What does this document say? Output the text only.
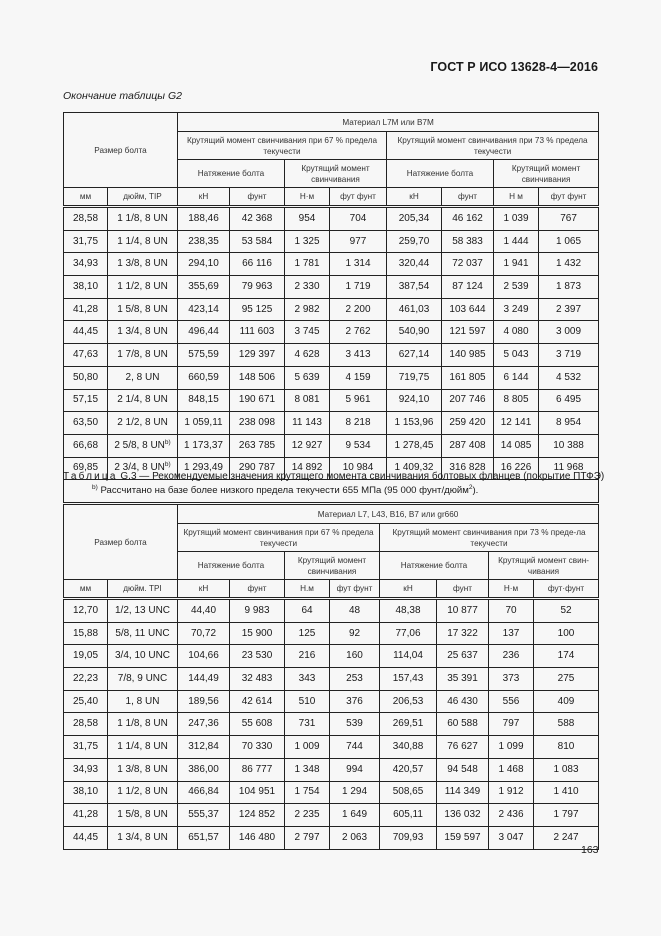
ГОСТ Р ИСО 13628-4—2016
Окончание таблицы G2
Размер болта		Материал L7M или B7M							
		Крутящий момент свинчивания при 67 % предела текучести				Крутящий момент свинчивания при 73 % предела текучести			
		Натяжение болта		Крутящий момент свинчивания		Натяжение болта		Крутящий момент свинчивания	
мм	дюйм, TIP	кН	фунт	Н·м	фут фунт	кН	фунт	Н м	фут фунт
28,58	1 1/8, 8 UN	188,46	42 368	954	704	205,34	46 162	1 039	767
31,75	1 1/4, 8 UN	238,35	53 584	1 325	977	259,70	58 383	1 444	1 065
34,93	1 3/8, 8 UN	294,10	66 116	1 781	1 314	320,44	72 037	1 941	1 432
38,10	1 1/2, 8 UN	355,69	79 963	2 330	1 719	387,54	87 124	2 539	1 873
41,28	1 5/8, 8 UN	423,14	95 125	2 982	2 200	461,03	103 644	3 249	2 397
44,45	1 3/4, 8 UN	496,44	111 603	3 745	2 762	540,90	121 597	4 080	3 009
47,63	1 7/8, 8 UN	575,59	129 397	4 628	3 413	627,14	140 985	5 043	3 719
50,80	2, 8 UN	660,59	148 506	5 639	4 159	719,75	161 805	6 144	4 532
57,15	2 1/4, 8 UN	848,15	190 671	8 081	5 961	924,10	207 746	8 805	6 495
63,50	2 1/2, 8 UN	1 059,11	238 098	11 143	8 218	1 153,96	259 420	12 141	8 954
66,68	2 5/8, 8 UN$^{b)}$	1 173,37	263 785	12 927	9 534	1 278,45	287 408	14 085	10 388
69,85	2 3/4, 8 UN$^{b)}$	1 293,49	290 787	14 892	10 984	1 409,32	316 828	16 226	11 968
$^{b)}$ Рассчитано на базе более низкого предела текучести 655 МПа (95 000 фунт/дюйм$^2$).									
Таблица G.3 — Рекомендуемые значения крутящего момента свинчивания болтовых фланцев (покрытие ПТФЭ)
Размер болта		Материал L7, L43, B16, B7 или gr660							
		Крутящий момент свинчивания при 67 % предела текучести				Крутящий момент свинчивания при 73 % преде-ла текучести			
		Натяжение болта		Крутящий момент свинчивания		Натяжение болта		Крутящий момент свин-чивания	
мм	дюйм. TPI	кН	фунт	Н.м	фут фунт	кН	фунт	Н·м	фут·фунт
12,70	1/2, 13 UNC	44,40	9 983	64	48	48,38	10 877	70	52
15,88	5/8, 11 UNC	70,72	15 900	125	92	77,06	17 322	137	100
19,05	3/4, 10 UNC	104,66	23 530	216	160	114,04	25 637	236	174
22,23	7/8, 9 UNC	144,49	32 483	343	253	157,43	35 391	373	275
25,40	1, 8 UN	189,56	42 614	510	376	206,53	46 430	556	409
28,58	1 1/8, 8 UN	247,36	55 608	731	539	269,51	60 588	797	588
31,75	1 1/4, 8 UN	312,84	70 330	1 009	744	340,88	76 627	1 099	810
34,93	1 3/8, 8 UN	386,00	86 777	1 348	994	420,57	94 548	1 468	1 083
38,10	1 1/2, 8 UN	466,84	104 951	1 754	1 294	508,65	114 349	1 912	1 410
41,28	1 5/8, 8 UN	555,37	124 852	2 235	1 649	605,11	136 032	2 436	1 797
44,45	1 3/4, 8 UN	651,57	146 480	2 797	2 063	709,93	159 597	3 047	2 247
163
